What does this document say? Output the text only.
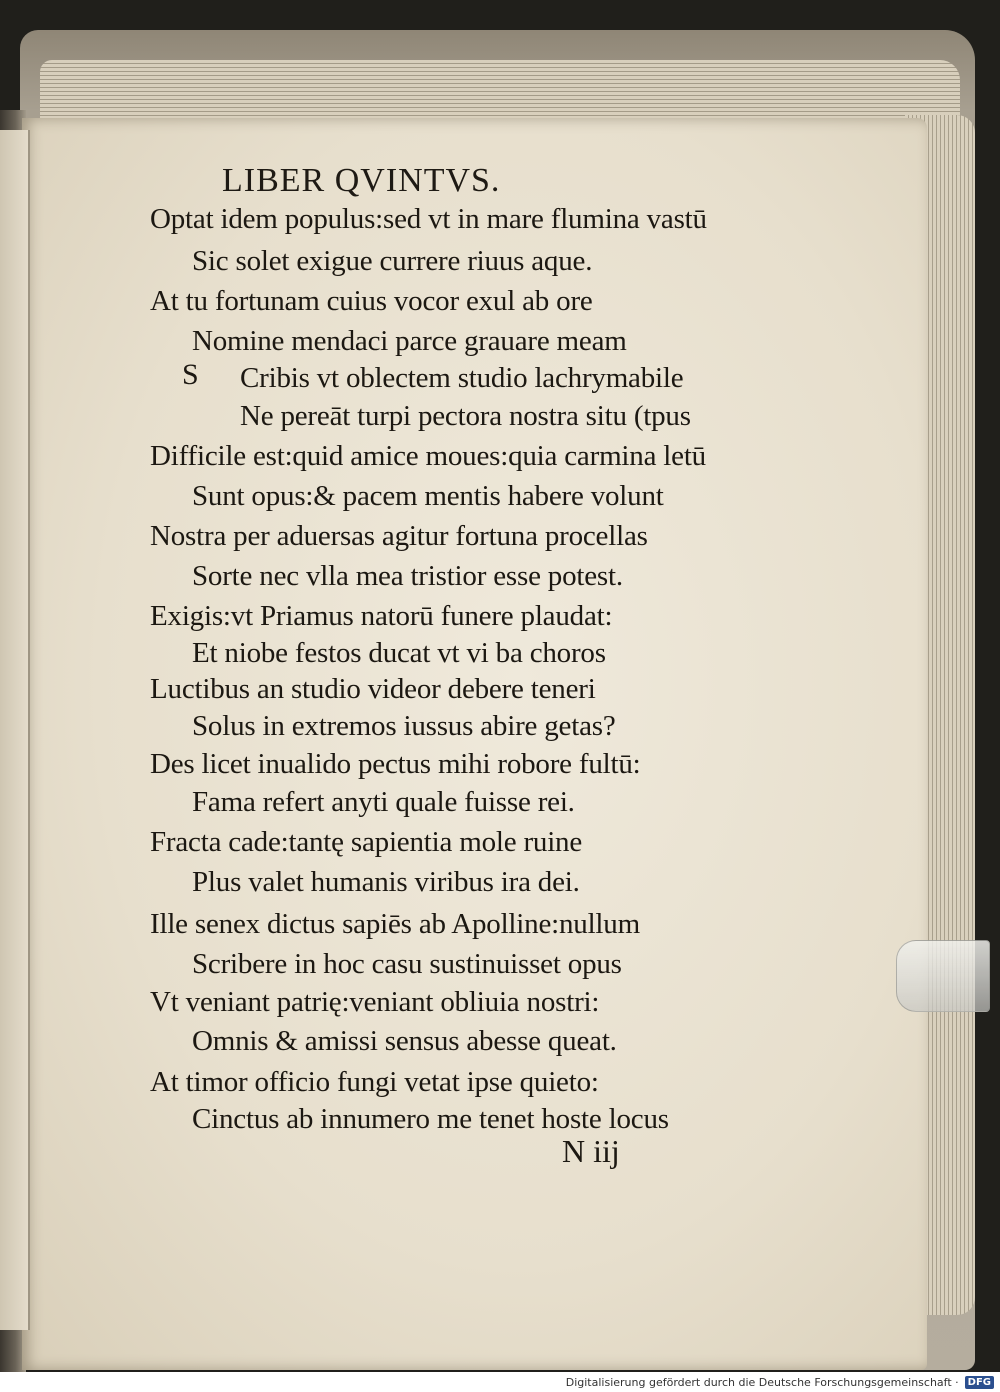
LIBER QVINTVS.
Optat idem populus:sed vt in mare flumina vastū
Sic solet exigue currere riuus aque.
At tu fortunam cuius vocor exul ab ore
Nomine mendaci parce grauare meam
Cribis vt oblectem studio lachrymabile
Ne pereāt turpi pectora nostra situ (tpus
Difficile est:quid amice moues:quia carmina letū
Sunt opus:& pacem mentis habere volunt
Nostra per aduersas agitur fortuna procellas
Sorte nec vlla mea tristior esse potest.
Exigis:vt Priamus natorū funere plaudat:
Et niobe festos ducat vt vi ba choros
Luctibus an studio videor debere teneri
Solus in extremos iussus abire getas?
Des licet inualido pectus mihi robore fultū:
Fama refert anyti quale fuisse rei.
Fracta cade:tantę sapientia mole ruine
Plus valet humanis viribus ira dei.
Ille senex dictus sapiēs ab Apolline:nullum
Scribere in hoc casu sustinuisset opus
Vt veniant patrię:veniant obliuia nostri:
Omnis & amissi sensus abesse queat.
At timor officio fungi vetat ipse quieto:
Cinctus ab innumero me tenet hoste locus
S
N iij
Digitalisierung gefördert durch die Deutsche Forschungsgemeinschaft · DFG
